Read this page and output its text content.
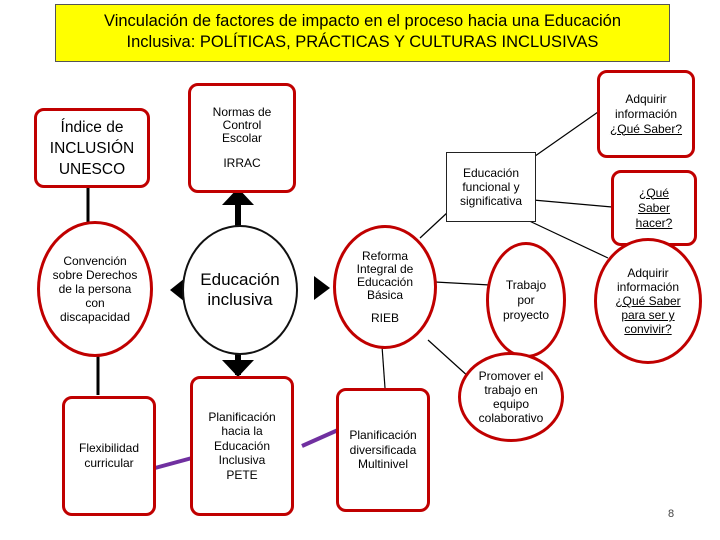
Vinculación de factores de impacto en el proceso hacia una Educación
Inclusiva: POLÍTICAS, PRÁCTICAS Y CULTURAS INCLUSIVAS
Índice de INCLUSIÓN UNESCO
Convención sobre Derechos de la persona con discapacidad
Flexibilidad curricular
Normas de Control Escolar
IRRAC
Educación inclusiva
Planificación hacia la Educación Inclusiva PETE
Reforma Integral de Educación Básica
RIEB
Planificación diversificada Multinivel
Educación funcional y significativa
Trabajo por proyecto
Promover el trabajo en equipo colaborativo
Adquirir información
¿Qué Saber?
¿Qué Saber hacer?
Adquirir información
¿Qué Saber para ser y convivir?
8
